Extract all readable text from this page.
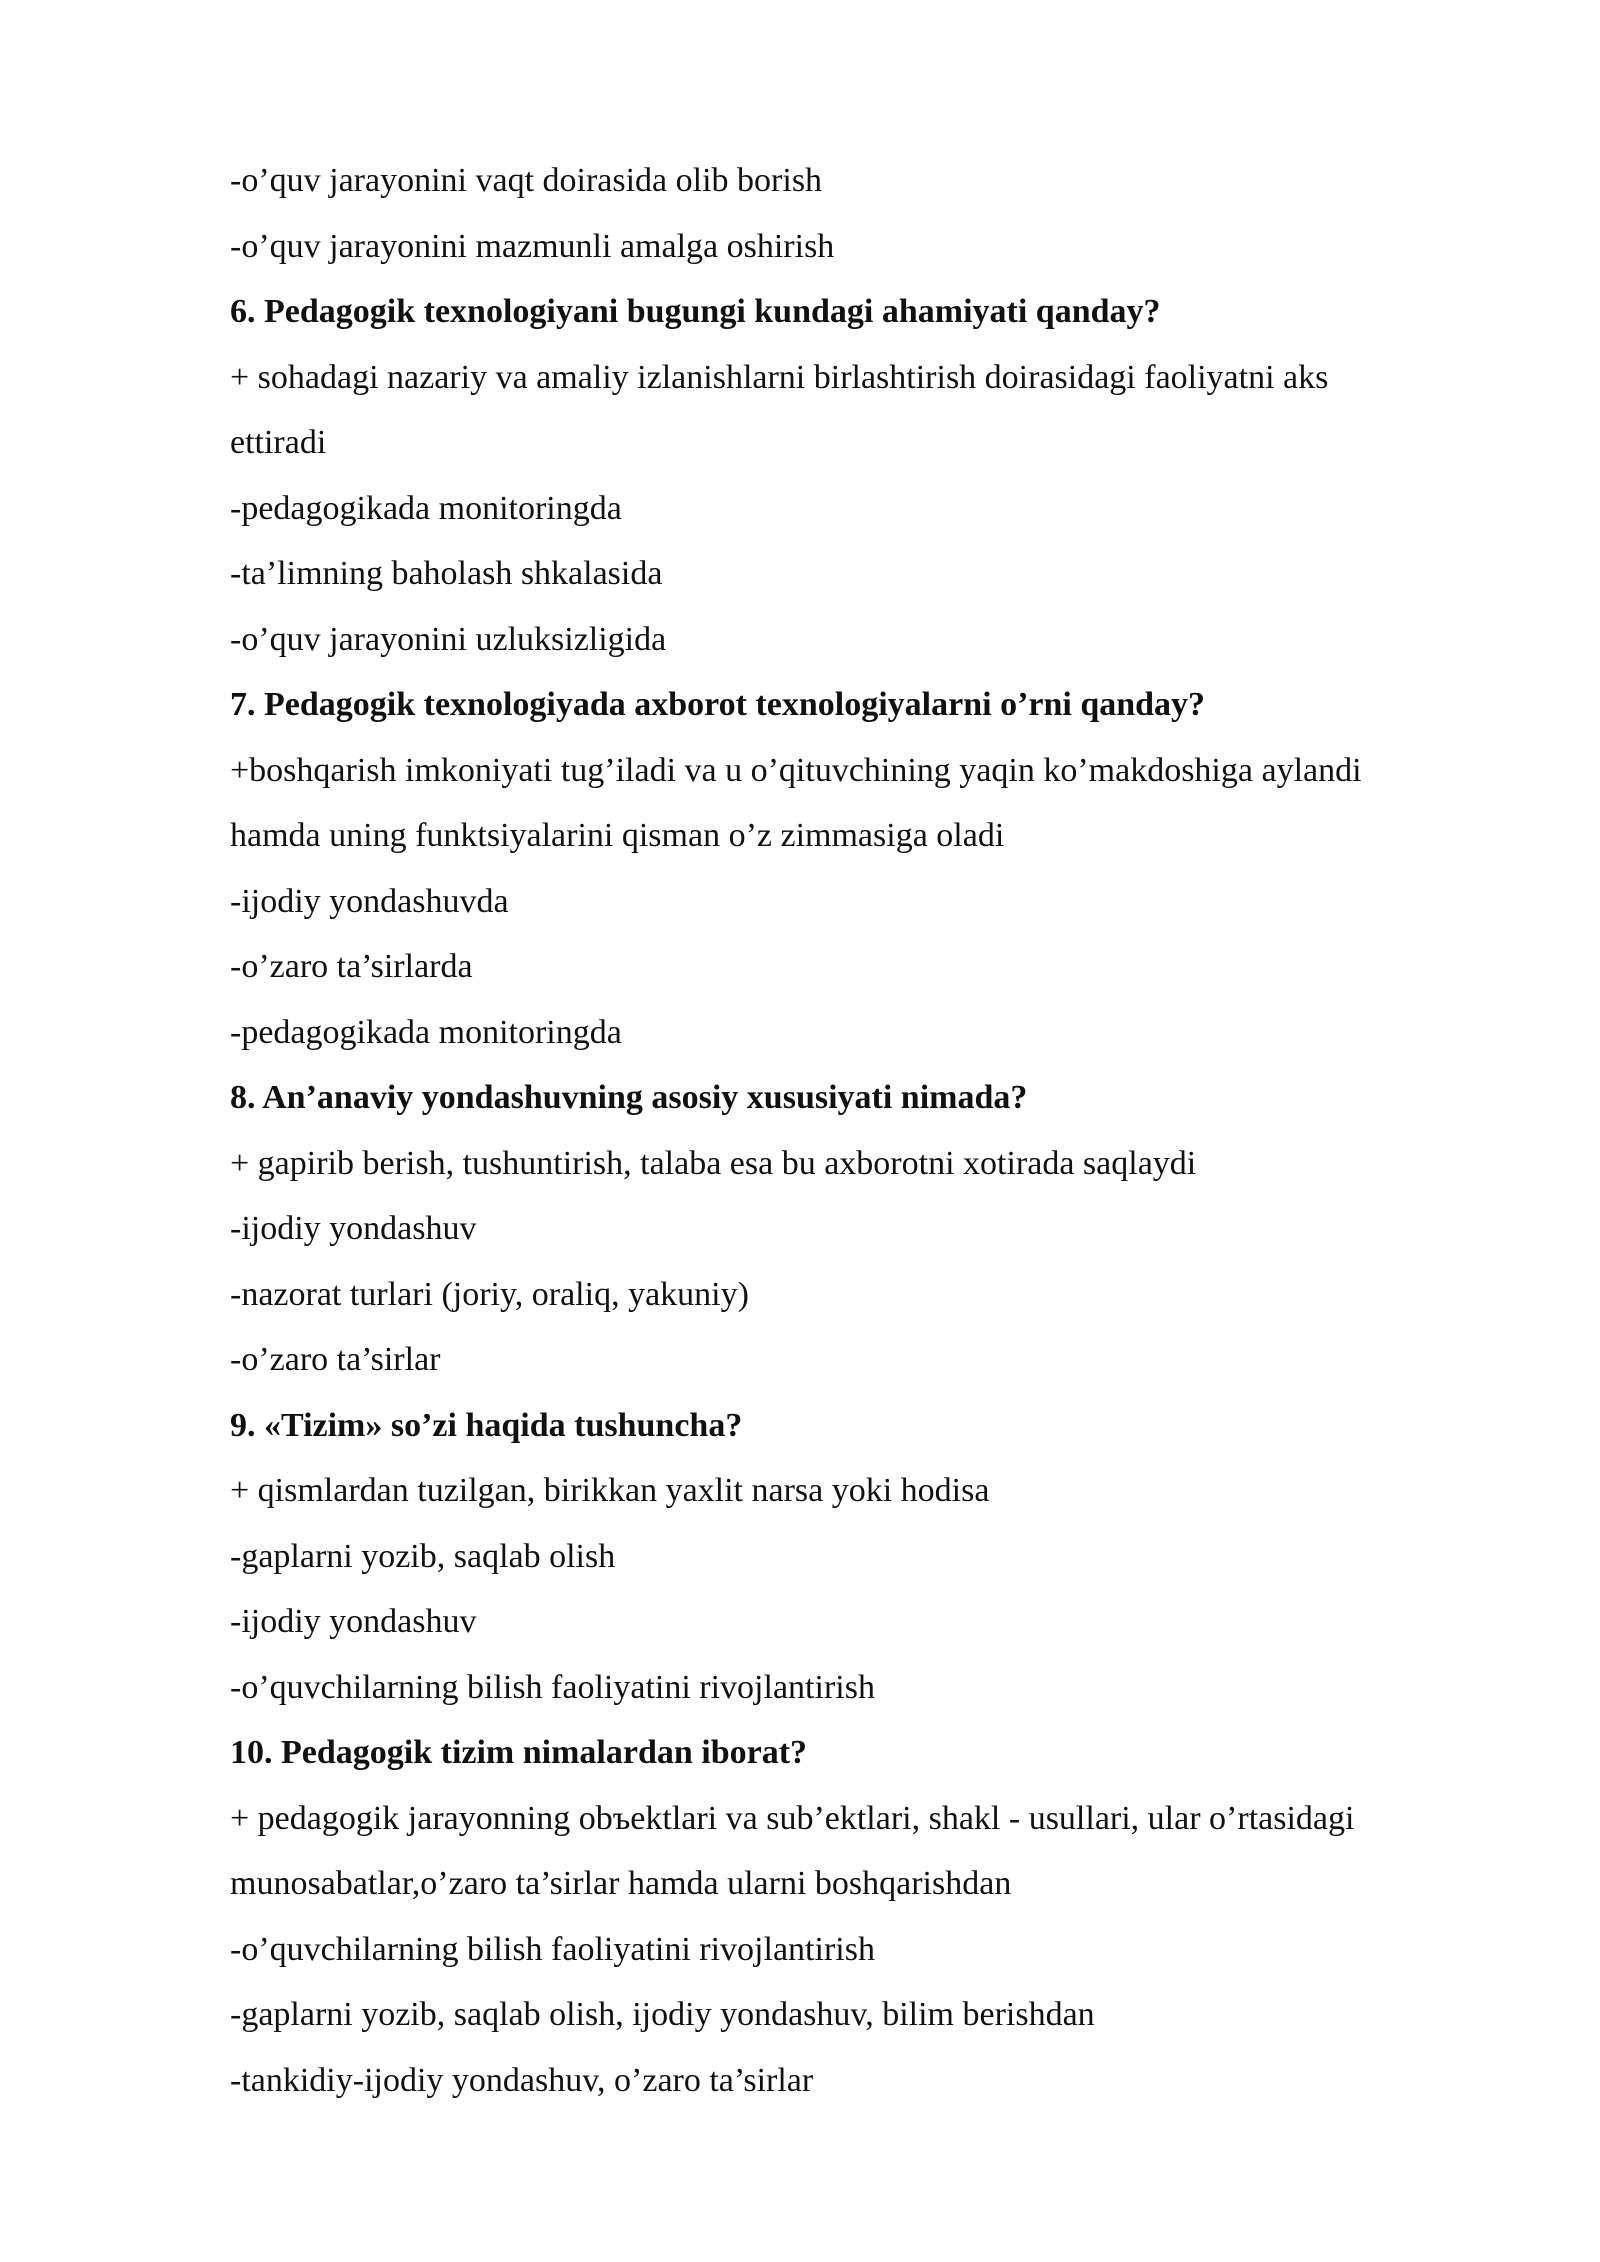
-o’quv jarayonini vaqt doirasida olib borish

-o’quv jarayonini mazmunli amalga oshirish

6. Pedagogik texnologiyani bugungi kundagi ahamiyati qanday?

+ sohadagi nazariy va amaliy izlanishlarni birlashtirish doirasidagi faoliyatni aks

ettiradi

-pedagogikada monitoringda

-ta’limning baholash shkalasida

-o’quv jarayonini uzluksizligida

7. Pedagogik texnologiyada axborot texnologiyalarni o’rni qanday?

+boshqarish imkoniyati tug’iladi va u o’qituvchining yaqin ko’makdoshiga aylandi

hamda uning funktsiyalarini qisman o’z zimmasiga oladi

-ijodiy yondashuvda

-o’zaro ta’sirlarda

-pedagogikada monitoringda

8. An’anaviy yondashuvning asosiy xususiyati nimada?

+ gapirib berish, tushuntirish, talaba esa bu axborotni xotirada saqlaydi

-ijodiy yondashuv

-nazorat turlari (joriy, oraliq, yakuniy)

-o’zaro ta’sirlar

9. «Tizim» so’zi haqida tushuncha?

+ qismlardan tuzilgan, birikkan yaxlit narsa yoki hodisa

-gaplarni yozib, saqlab olish

-ijodiy yondashuv

-o’quvchilarning bilish faoliyatini rivojlantirish

10. Pedagogik tizim nimalardan iborat?

+ pedagogik jarayonning obъektlari va sub’ektlari, shakl - usullari, ular o’rtasidagi

munosabatlar,o’zaro ta’sirlar hamda ularni boshqarishdan

-o’quvchilarning bilish faoliyatini rivojlantirish

-gaplarni yozib, saqlab olish, ijodiy yondashuv, bilim berishdan

-tankidiy-ijodiy yondashuv, o’zaro ta’sirlar
